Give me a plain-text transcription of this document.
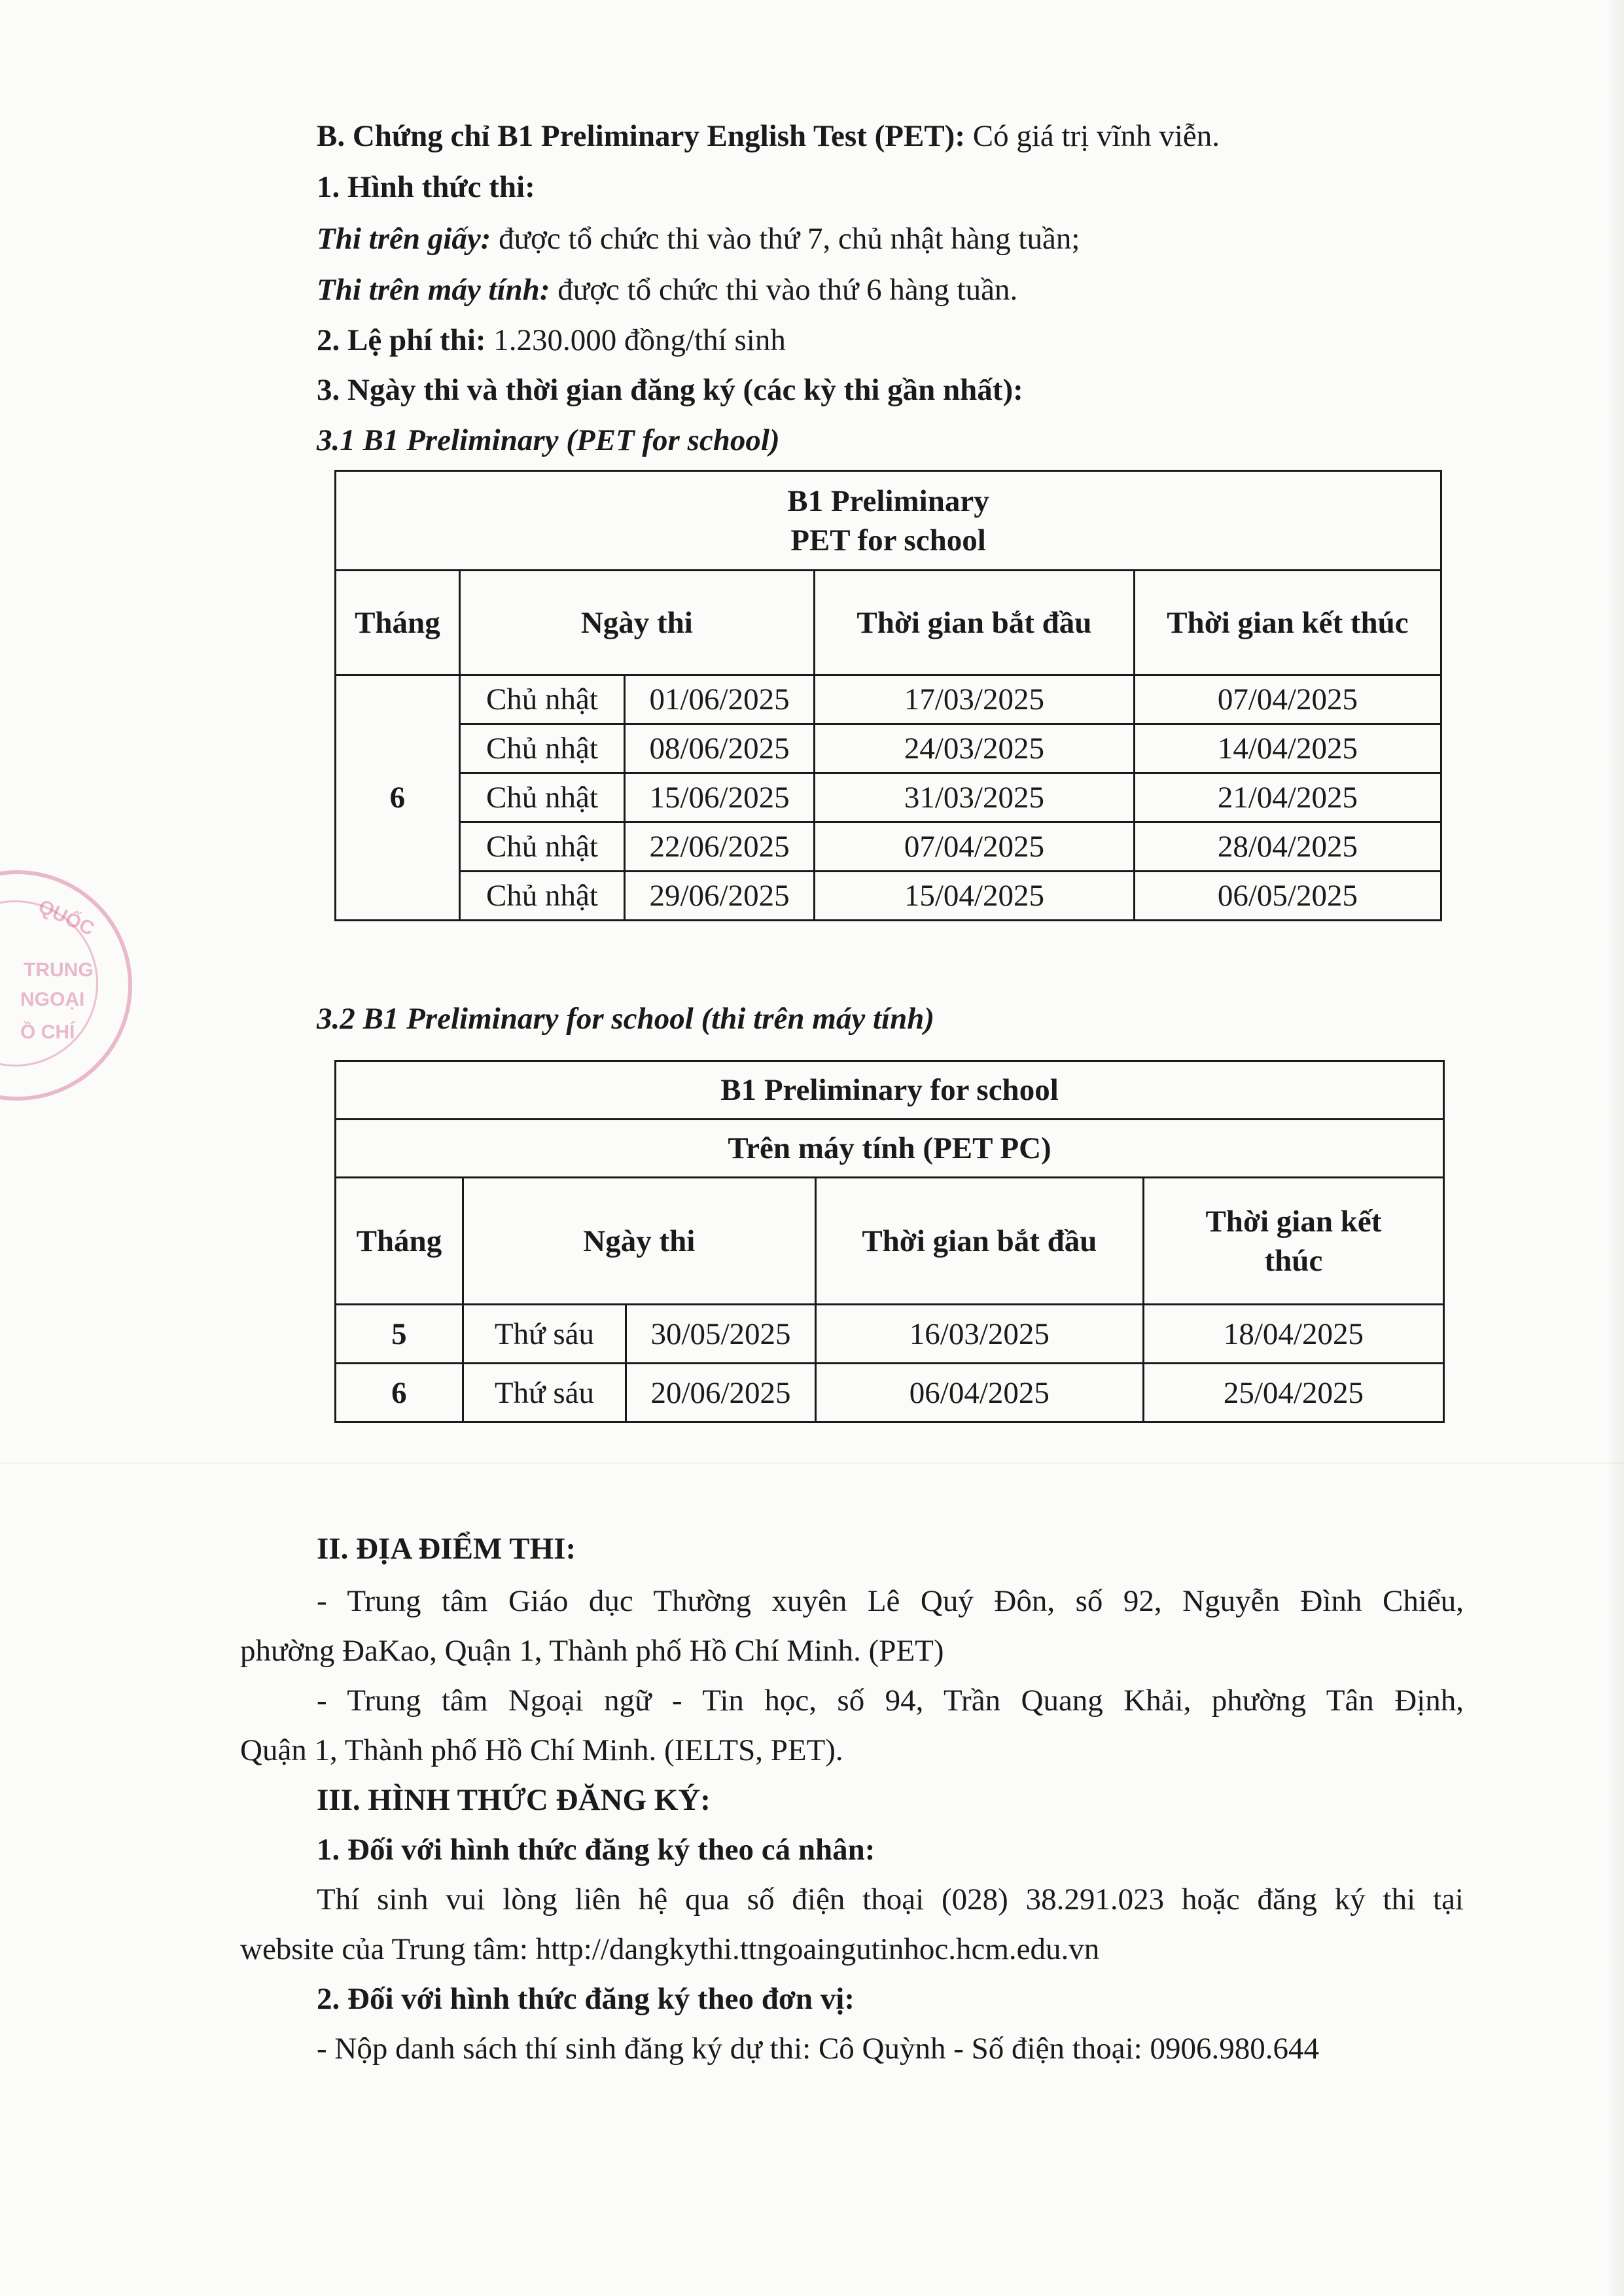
QUỐC
TRUNG
NGOẠI
Ồ CHÍ
B. Chứng chỉ B1 Preliminary English Test (PET): Có giá trị vĩnh viễn.
1. Hình thức thi:
Thi trên giấy: được tổ chức thi vào thứ 7, chủ nhật hàng tuần;
Thi trên máy tính: được tổ chức thi vào thứ 6 hàng tuần.
2. Lệ phí thi: 1.230.000 đồng/thí sinh
3. Ngày thi và thời gian đăng ký (các kỳ thi gần nhất):
3.1 B1 Preliminary (PET for school)
B1 Preliminary
PET for school				

Tháng	Ngày thi		Thời gian bắt đầu	Thời gian kết thúc
6	Chủ nhật	01/06/2025	17/03/2025	07/04/2025
	Chủ nhật	08/06/2025	24/03/2025	14/04/2025
	Chủ nhật	15/06/2025	31/03/2025	21/04/2025
	Chủ nhật	22/06/2025	07/04/2025	28/04/2025
	Chủ nhật	29/06/2025	15/04/2025	06/05/2025
3.2 B1 Preliminary for school (thi trên máy tính)
B1 Preliminary for school				
Trên máy tính (PET PC)				
Tháng	Ngày thi		Thời gian bắt đầu	Thời gian kết thúc
5	Thứ sáu	30/05/2025	16/03/2025	18/04/2025
6	Thứ sáu	20/06/2025	06/04/2025	25/04/2025
II. ĐỊA ĐIỂM THI:
- Trung tâm Giáo dục Thường xuyên Lê Quý Đôn, số 92, Nguyễn Đình Chiểu,
phường ĐaKao, Quận 1, Thành phố Hồ Chí Minh. (PET)
- Trung tâm Ngoại ngữ - Tin học, số 94, Trần Quang Khải, phường Tân Định,
Quận 1, Thành phố Hồ Chí Minh. (IELTS, PET).
III. HÌNH THỨC ĐĂNG KÝ:
1. Đối với hình thức đăng ký theo cá nhân:
Thí sinh vui lòng liên hệ qua số điện thoại (028) 38.291.023 hoặc đăng ký thi tại
website của Trung tâm: http://dangkythi.ttngoaingutinhoc.hcm.edu.vn
2. Đối với hình thức đăng ký theo đơn vị:
- Nộp danh sách thí sinh đăng ký dự thi: Cô Quỳnh - Số điện thoại: 0906.980.644
